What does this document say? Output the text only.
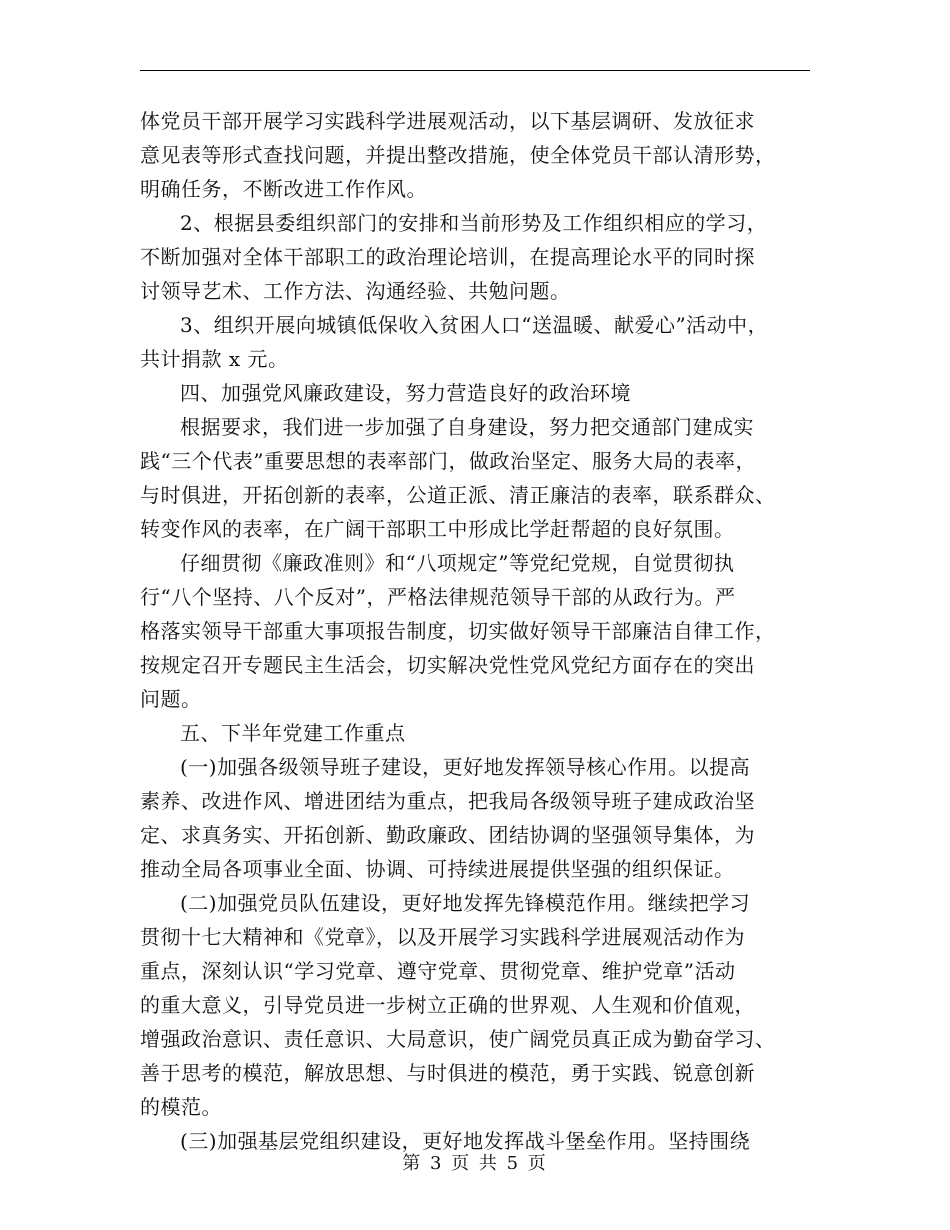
体党员干部开展学习实践科学进展观活动，以下基层调研、发放征求
意见表等形式查找问题，并提出整改措施，使全体党员干部认清形势，
明确任务，不断改进工作作风。

2、根据县委组织部门的安排和当前形势及工作组织相应的学习，
不断加强对全体干部职工的政治理论培训，在提高理论水平的同时探
讨领导艺术、工作方法、沟通经验、共勉问题。

3、组织开展向城镇低保收入贫困人口“送温暖、献爱心”活动中，
共计捐款 x 元。

四、加强党风廉政建设，努力营造良好的政治环境

根据要求，我们进一步加强了自身建设，努力把交通部门建成实
践“三个代表”重要思想的表率部门，做政治坚定、服务大局的表率，
与时俱进，开拓创新的表率，公道正派、清正廉洁的表率，联系群众、
转变作风的表率，在广阔干部职工中形成比学赶帮超的良好氛围。

仔细贯彻《廉政准则》和“八项规定”等党纪党规，自觉贯彻执
行“八个坚持、八个反对”，严格法律规范领导干部的从政行为。严
格落实领导干部重大事项报告制度，切实做好领导干部廉洁自律工作，
按规定召开专题民主生活会，切实解决党性党风党纪方面存在的突出
问题。

五、下半年党建工作重点

(一)加强各级领导班子建设，更好地发挥领导核心作用。以提高
素养、改进作风、增进团结为重点，把我局各级领导班子建成政治坚
定、求真务实、开拓创新、勤政廉政、团结协调的坚强领导集体，为
推动全局各项事业全面、协调、可持续进展提供坚强的组织保证。

(二)加强党员队伍建设，更好地发挥先锋模范作用。继续把学习
贯彻十七大精神和《党章》，以及开展学习实践科学进展观活动作为
重点，深刻认识“学习党章、遵守党章、贯彻党章、维护党章”活动
的重大意义，引导党员进一步树立正确的世界观、人生观和价值观，
增强政治意识、责任意识、大局意识，使广阔党员真正成为勤奋学习、
善于思考的模范，解放思想、与时俱进的模范，勇于实践、锐意创新
的模范。

(三)加强基层党组织建设，更好地发挥战斗堡垒作用。坚持围绕

第 3 页 共 5 页
